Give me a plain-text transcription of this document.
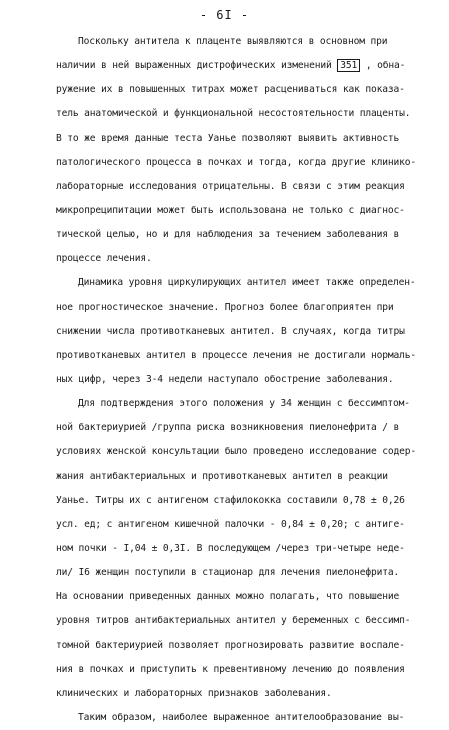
- 6I -
Поскольку антитела к плаценте выявляются в основном при
наличии в ней выраженных дистрофических изменений 351 , обна-
ружение их в повышенных титрах может расцениваться как показа-
тель анатомической и функциональной несостоятельности плаценты.
В то же время данные теста Уанье позволяют выявить активность
патологического процесса в почках и тогда, когда другие клинико-
лабораторные исследования отрицательны. В связи с этим реакция
микропреципитации может быть использована не только с диагнос-
тической целью, но и для наблюдения за течением заболевания в
процессе лечения.
Динамика уровня циркулирующих антител имеет также определен-
ное прогностическое значение. Прогноз более благоприятен при
снижении числа противотканевых антител. В случаях, когда титры
противотканевых антител в процессе лечения не достигали нормаль-
ных цифр, через 3-4 недели наступало обострение заболевания.
Для подтверждения этого положения у 34 женщин с бессимптом-
ной бактериурией /группа риска возникновения пиелонефрита / в
условиях женской консультации было проведено исследование содер-
жания антибактериальных и противотканевых антител в реакции
Уанье. Титры их с антигеном стафилококка составили 0,78 ± 0,26
усл. ед; с антигеном кишечной палочки - 0,84 ± 0,20; с антиге-
ном почки - I,04 ± 0,3I. В последующем /через три-четыре неде-
ли/ I6 женщин поступили в стационар для лечения пиелонефрита.
На основании приведенных данных можно полагать, что повышение
уровня титров антибактериальных антител у беременных с бессимп-
томной бактериурией позволяет прогнозировать развитие воспале-
ния в почках и приступить к превентивному лечению до появления
клинических и лабораторных признаков заболевания.
Таким образом, наиболее выраженное антителообразование вы-
